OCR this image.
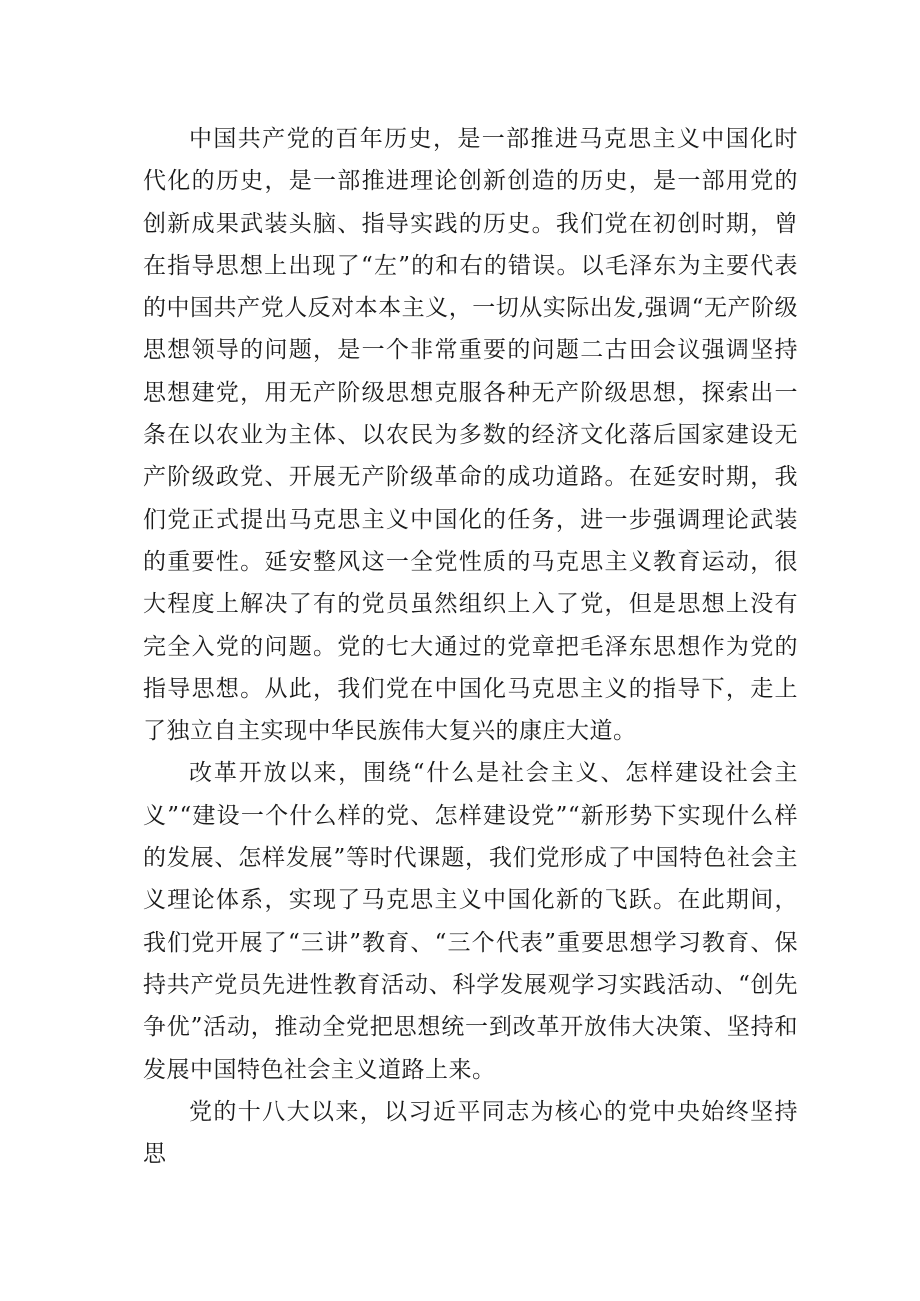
中国共产党的百年历史，是一部推进马克思主义中国化时代化的历史，是一部推进理论创新创造的历史，是一部用党的创新成果武装头脑、指导实践的历史。我们党在初创时期，曾在指导思想上出现了“左”的和右的错误。以毛泽东为主要代表的中国共产党人反对本本主义，一切从实际出发,强调“无产阶级思想领导的问题，是一个非常重要的问题二古田会议强调坚持思想建党，用无产阶级思想克服各种无产阶级思想，探索出一条在以农业为主体、以农民为多数的经济文化落后国家建设无产阶级政党、开展无产阶级革命的成功道路。在延安时期，我们党正式提出马克思主义中国化的任务，进一步强调理论武装的重要性。延安整风这一全党性质的马克思主义教育运动，很大程度上解决了有的党员虽然组织上入了党，但是思想上没有完全入党的问题。党的七大通过的党章把毛泽东思想作为党的指导思想。从此，我们党在中国化马克思主义的指导下，走上了独立自主实现中华民族伟大复兴的康庄大道。

改革开放以来，围绕“什么是社会主义、怎样建设社会主义”“建设一个什么样的党、怎样建设党”“新形势下实现什么样的发展、怎样发展”等时代课题，我们党形成了中国特色社会主义理论体系，实现了马克思主义中国化新的飞跃。在此期间，我们党开展了“三讲”教育、“三个代表”重要思想学习教育、保持共产党员先进性教育活动、科学发展观学习实践活动、“创先争优”活动，推动全党把思想统一到改革开放伟大决策、坚持和发展中国特色社会主义道路上来。

党的十八大以来，以习近平同志为核心的党中央始终坚持思
